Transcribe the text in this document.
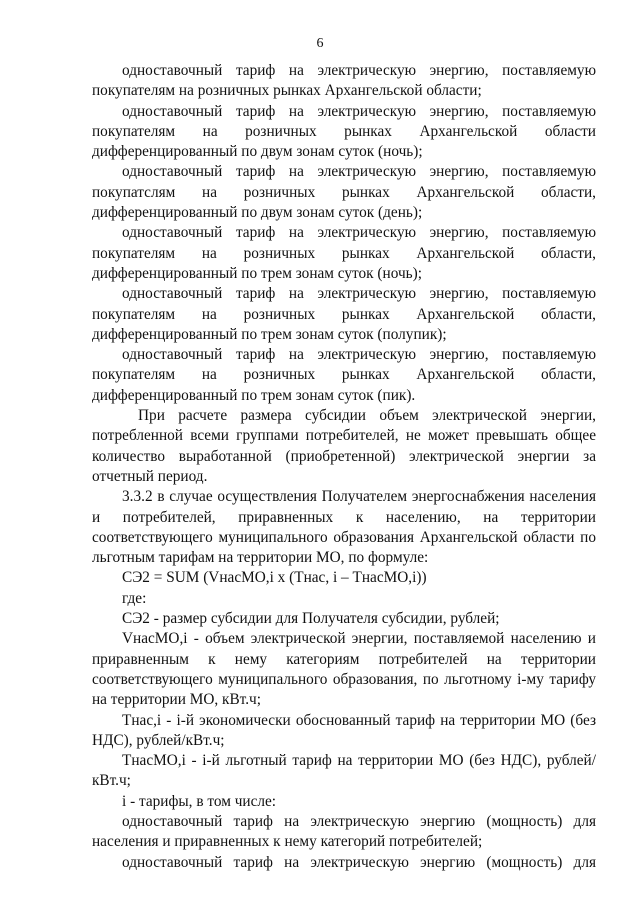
6

одноставочный тариф на электрическую энергию, поставляемую покупателям на розничных рынках Архангельской области;

одноставочный тариф на электрическую энергию, поставляемую покупателям на розничных рынках Архангельской области дифференцированный по двум зонам суток (ночь);

одноставочный тариф на электрическую энергию, поставляемую покупатслям на розничных рынках Архангельской области, дифференцированный по двум зонам суток (день);

одноставочный тариф на электрическую энергию, поставляемую покупателям на розничных рынках Архангельской области, дифференцированный по трем зонам суток (ночь);

одноставочный тариф на электрическую энергию, поставляемую покупателям на розничных рынках Архангельской области, дифференцированный по трем зонам суток (полупик);

одноставочный тариф на электрическую энергию, поставляемую покупателям на розничных рынках Архангельской области, дифференцированный по трем зонам суток (пик).

При расчете размера субсидии объем электрической энергии, потребленной всеми группами потребителей, не может превышать общее количество выработанной (приобретенной) электрической энергии за отчетный период.

3.3.2 в случае осуществления Получателем энергоснабжения населения и потребителей, приравненных к населению, на территории соответствующего муниципального образования Архангельской области по льготным тарифам на территории МО, по формуле:

СЭ2 = SUM (VнасМО,i x (Тнас, i – ТнасМО,i))

где:

СЭ2 - размер субсидии для Получателя субсидии, рублей;

VнасМО,i - объем электрической энергии, поставляемой населению и приравненным к нему категориям потребителей на территории соответствующего муниципального образования, по льготному i-му тарифу на территории МО, кВт.ч;

Тнас,i - i-й экономически обоснованный тариф на территории МО (без НДС), рублей/кВт.ч;

ТнасМО,i - i-й льготный тариф на территории МО (без НДС), рублей/кВт.ч;

i - тарифы, в том числе:

одноставочный тариф на электрическую энергию (мощность) для населения и приравненных к нему категорий потребителей;

одноставочный тариф на электрическую энергию (мощность) для
